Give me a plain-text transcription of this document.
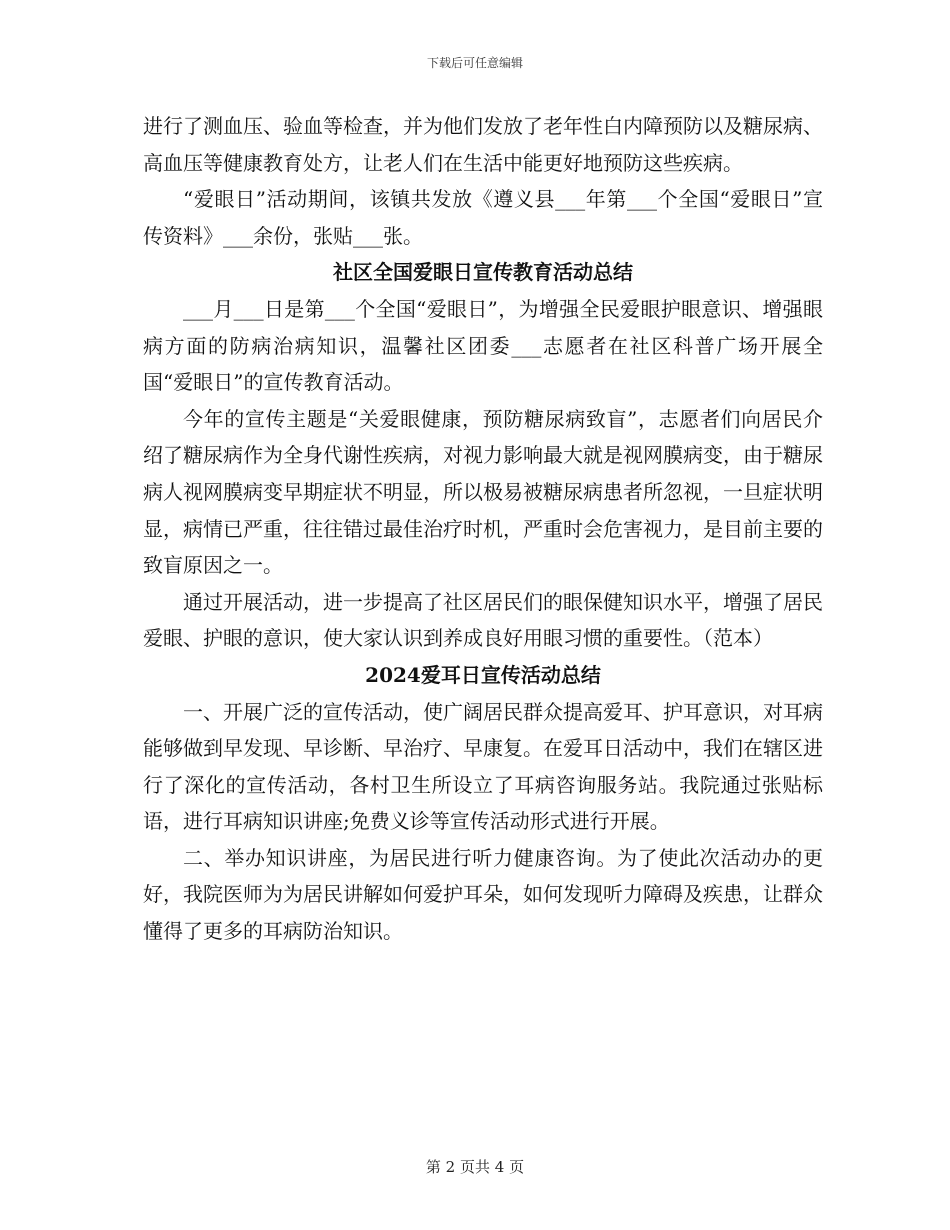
下载后可任意编辑

进行了测血压、验血等检查，并为他们发放了老年性白内障预防以及糖尿病、高血压等健康教育处方，让老人们在生活中能更好地预防这些疾病。

“爱眼日”活动期间，该镇共发放《遵义县___年第___个全国“爱眼日”宣传资料》___余份，张贴___张。

社区全国爱眼日宣传教育活动总结

___月___日是第___个全国“爱眼日”，为增强全民爱眼护眼意识、增强眼病方面的防病治病知识，温馨社区团委___志愿者在社区科普广场开展全国“爱眼日”的宣传教育活动。

今年的宣传主题是“关爱眼健康，预防糖尿病致盲”，志愿者们向居民介绍了糖尿病作为全身代谢性疾病，对视力影响最大就是视网膜病变，由于糖尿病人视网膜病变早期症状不明显，所以极易被糖尿病患者所忽视，一旦症状明显，病情已严重，往往错过最佳治疗时机，严重时会危害视力，是目前主要的致盲原因之一。

通过开展活动，进一步提高了社区居民们的眼保健知识水平，增强了居民爱眼、护眼的意识，使大家认识到养成良好用眼习惯的重要性。（范本）

2024爱耳日宣传活动总结

一、开展广泛的宣传活动，使广阔居民群众提高爱耳、护耳意识，对耳病能够做到早发现、早诊断、早治疗、早康复。在爱耳日活动中，我们在辖区进行了深化的宣传活动，各村卫生所设立了耳病咨询服务站。我院通过张贴标语，进行耳病知识讲座;免费义诊等宣传活动形式进行开展。

二、举办知识讲座，为居民进行听力健康咨询。为了使此次活动办的更好，我院医师为为居民讲解如何爱护耳朵，如何发现听力障碍及疾患，让群众懂得了更多的耳病防治知识。

第 2 页共 4 页
